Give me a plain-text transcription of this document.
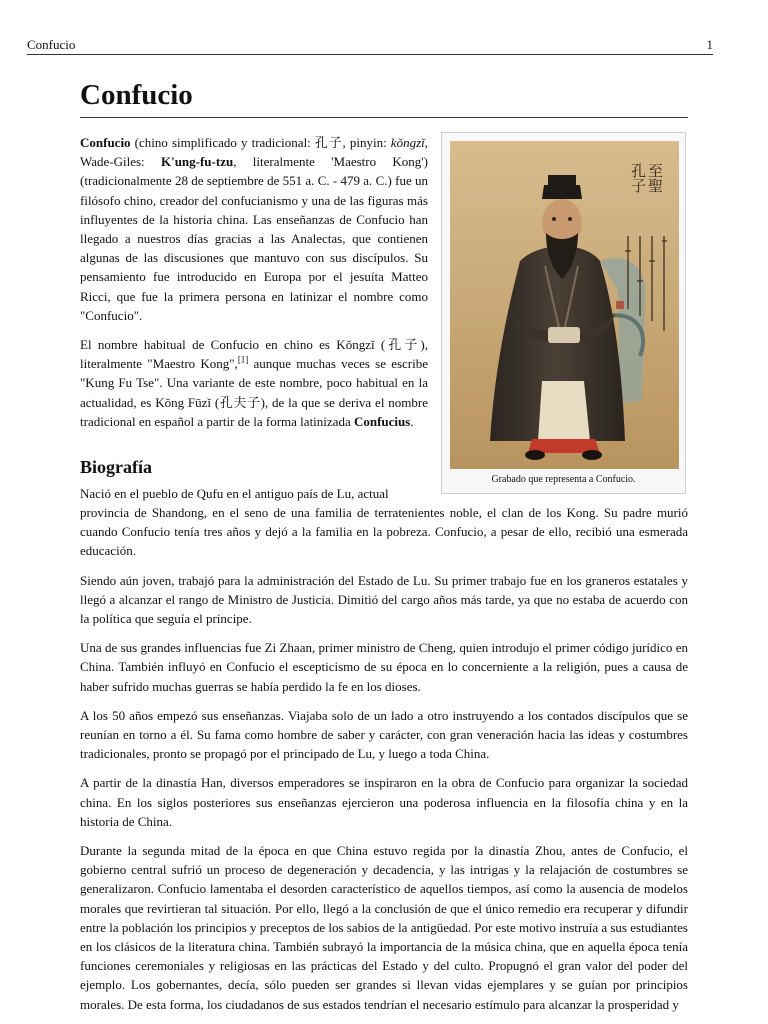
Confucio	1
Confucio

Confucio (chino simplificado y tradicional: 孔子, pinyin: kǒngzǐ, Wade-Giles: K'ung-fu-tzu, literalmente 'Maestro Kong') (tradicionalmente 28 de septiembre de 551 a. C. - 479 a. C.) fue un filósofo chino, creador del confucianismo y una de las figuras más influyentes de la historia china. Las enseñanzas de Confucio han llegado a nuestros días gracias a las Analectas, que contienen algunas de las discusiones que mantuvo con sus discípulos. Su pensamiento fue introducido en Europa por el jesuíta Matteo Ricci, que fue la primera persona en latinizar el nombre como "Confucio".

El nombre habitual de Confucio en chino es Kǒngzǐ (孔子), literalmente "Maestro Kong",[1] aunque muchas veces se escribe "Kung Fu Tse". Una variante de este nombre, poco habitual en la actualidad, es Kǒng Fūzǐ (孔夫子), de la que se deriva el nombre tradicional en español a partir de la forma latinizada Confucius.

至聖
孔子
Grabado que representa a Confucio.
Biografía
Nació en el pueblo de Qufu en el antiguo país de Lu, actual

provincia de Shandong, en el seno de una familia de terratenientes noble, el clan de los Kong. Su padre murió cuando Confucio tenía tres años y dejó a la familia en la pobreza. Confucio, a pesar de ello, recibió una esmerada educación.

Siendo aún joven, trabajó para la administración del Estado de Lu. Su primer trabajo fue en los graneros estatales y llegó a alcanzar el rango de Ministro de Justicia. Dimitió del cargo años más tarde, ya que no estaba de acuerdo con la política que seguía el príncipe.

Una de sus grandes influencias fue Zi Zhaan, primer ministro de Cheng, quien introdujo el primer código jurídico en China. También influyó en Confucio el escepticismo de su época en lo concerniente a la religión, pues a causa de haber sufrido muchas guerras se había perdido la fe en los dioses.

A los 50 años empezó sus enseñanzas. Viajaba solo de un lado a otro instruyendo a los contados discípulos que se reunían en torno a él. Su fama como hombre de saber y carácter, con gran veneración hacia las ideas y costumbres tradicionales, pronto se propagó por el principado de Lu, y luego a toda China.

A partir de la dinastía Han, diversos emperadores se inspiraron en la obra de Confucio para organizar la sociedad china. En los siglos posteriores sus enseñanzas ejercieron una poderosa influencia en la filosofía china y en la historia de China.

Durante la segunda mitad de la época en que China estuvo regida por la dinastía Zhou, antes de Confucio, el gobierno central sufrió un proceso de degeneración y decadencia, y las intrigas y la relajación de costumbres se generalizaron. Confucio lamentaba el desorden característico de aquellos tiempos, así como la ausencia de modelos morales que revirtieran tal situación. Por ello, llegó a la conclusión de que el único remedio era recuperar y difundir entre la población los principios y preceptos de los sabios de la antigüedad. Por este motivo instruía a sus estudiantes en los clásicos de la literatura china. También subrayó la importancia de la música china, que en aquella época tenía funciones ceremoniales y religiosas en las prácticas del Estado y del culto. Propugnó el gran valor del poder del ejemplo. Los gobernantes, decía, sólo pueden ser grandes si llevan vidas ejemplares y se guían por principios morales. De esta forma, los ciudadanos de sus estados tendrían el necesario estímulo para alcanzar la prosperidad y
